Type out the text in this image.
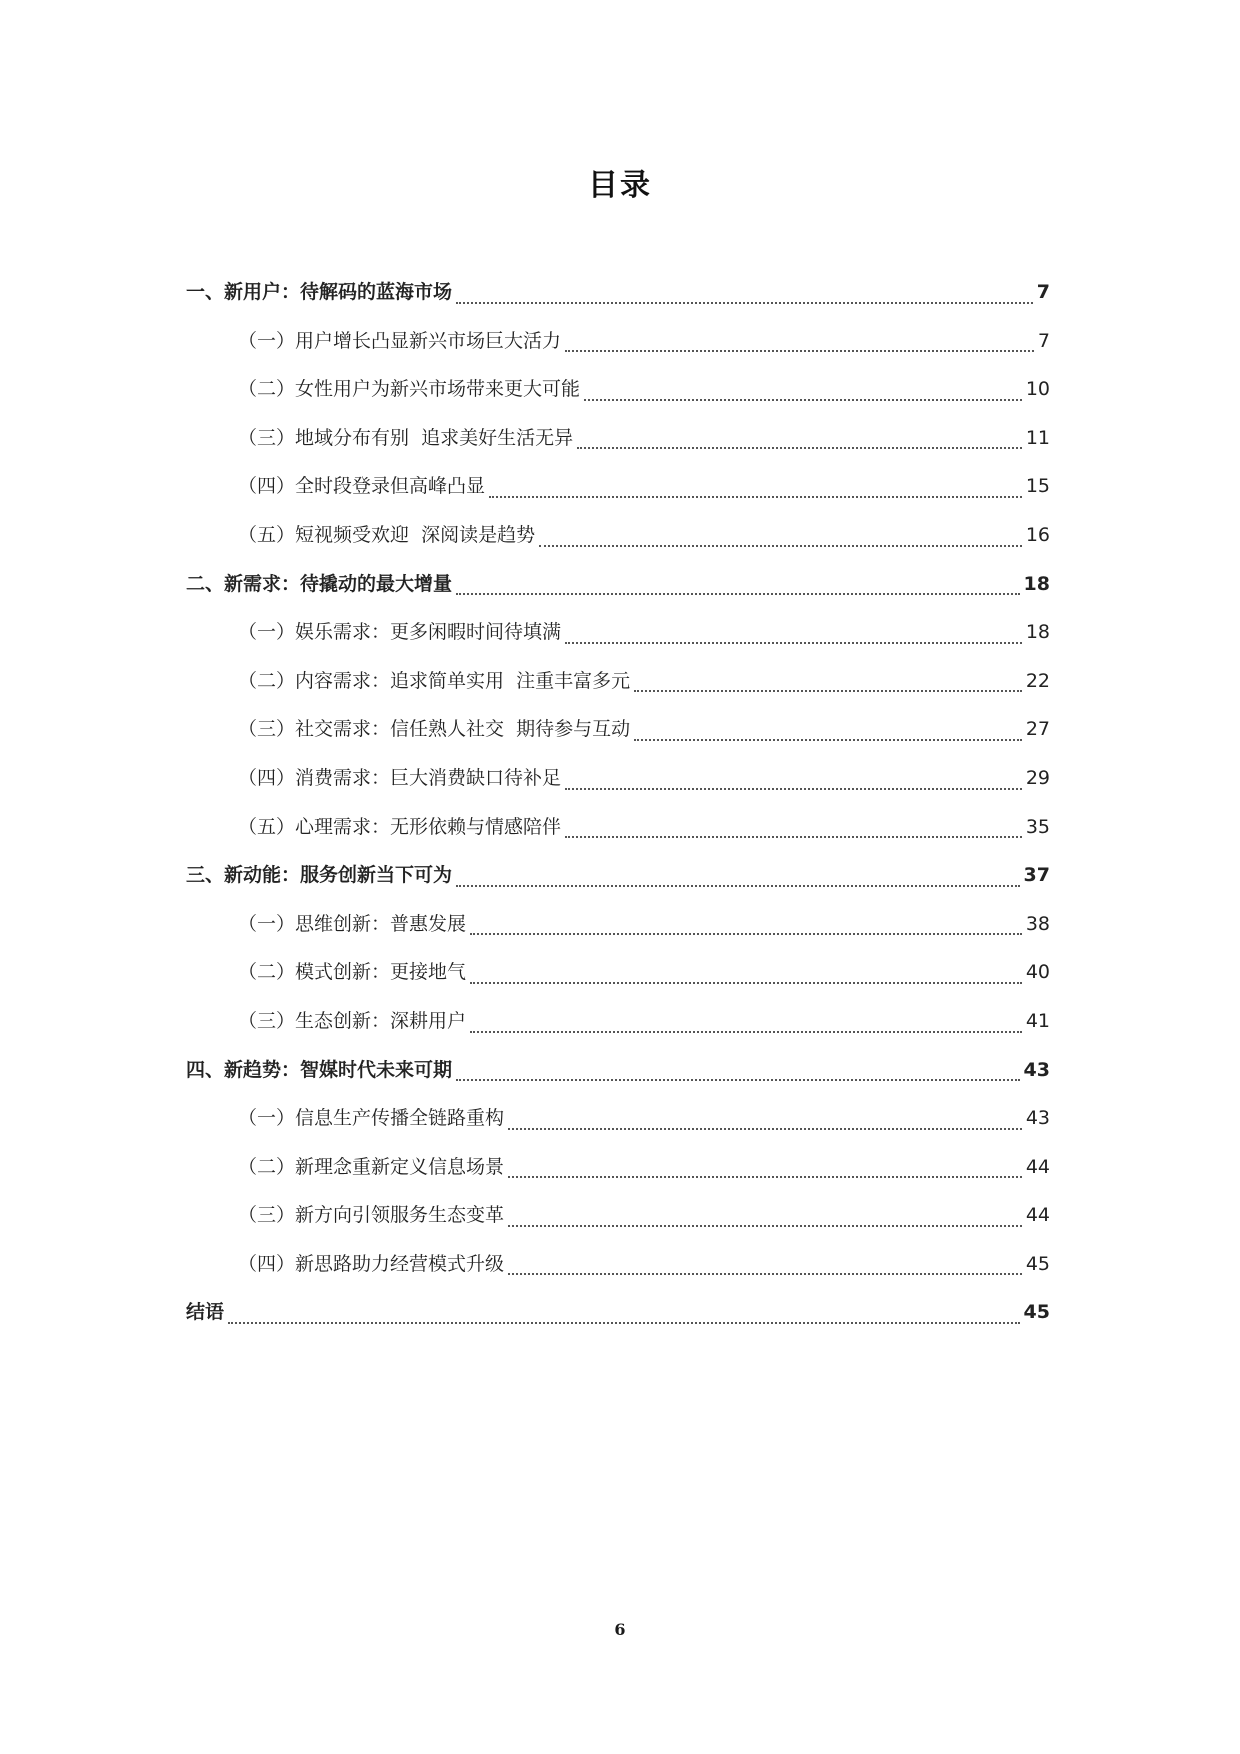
目录
一、新用户：待解码的蓝海市场	7
（一）用户增长凸显新兴市场巨大活力	7
（二）女性用户为新兴市场带来更大可能	10
（三）地域分布有别  追求美好生活无异	11
（四）全时段登录但高峰凸显	15
（五）短视频受欢迎  深阅读是趋势	16
二、新需求：待撬动的最大增量	18
（一）娱乐需求：更多闲暇时间待填满	18
（二）内容需求：追求简单实用  注重丰富多元	22
（三）社交需求：信任熟人社交  期待参与互动	27
（四）消费需求：巨大消费缺口待补足	29
（五）心理需求：无形依赖与情感陪伴	35
三、新动能：服务创新当下可为	37
（一）思维创新：普惠发展	38
（二）模式创新：更接地气	40
（三）生态创新：深耕用户	41
四、新趋势：智媒时代未来可期	43
（一）信息生产传播全链路重构	43
（二）新理念重新定义信息场景	44
（三）新方向引领服务生态变革	44
（四）新思路助力经营模式升级	45
结语	45
6
